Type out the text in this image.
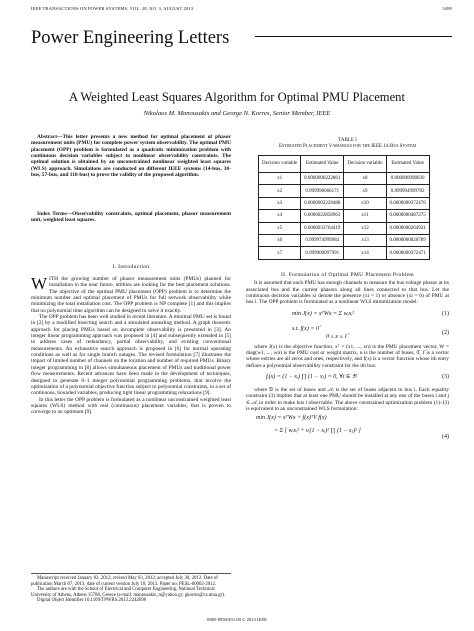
IEEE TRANSACTIONS ON POWER SYSTEMS, VOL. 28, NO. 3, AUGUST 2013	3499
Power Engineering Letters
A Weighted Least Squares Algorithm for Optimal PMU Placement
Nikolaos M. Manousakis and George N. Korres, Senior Member, IEEE

Abstract—This letter presents a new method for optimal placement of phasor measurement units (PMU) for complete power system observability. The optimal PMU placement (OPP) problem is formulated as a quadratic minimization problem with continuous decision variables subject to nonlinear observability constraints. The optimal solution is obtained by an unconstrained nonlinear weighted least squares (WLS) approach. Simulations are conducted on different IEEE systems (14-bus, 30-bus, 57-bus, and 118-bus) to prove the validity of the proposed algorithm.

Index Terms—Observability constraints, optimal placement, phasor measurement unit, weighted least squares.

I. Introduction

WITH the growing number of phasor measurement units (PMUs) planned for installation in the near future, utilities are looking for the best placement solutions. The objective of the optimal PMU placement (OPP) problem is to determine the minimum number and optimal placement of PMUs for full network observability while minimizing the total installation cost. The OPP problem is NP complete [1] and this implies that no polynomial time algorithm can be designed to solve it exactly.

The OPP problem has been well studied in recent literature. A minimal PMU set is found in [2] by a modified bisecting search and a simulated annealing method. A graph theoretic approach for placing PMUs based on incomplete observability is presented in [3]. An integer linear programming approach was proposed in [4] and subsequently extended in [5] to address cases of redundancy, partial observability, and existing conventional measurements. An exhaustive search approach is proposed in [6] for normal operating conditions as well as for single branch outages. The revised formulation [7] illustrates the impact of limited number of channels on the location and number of required PMUs. Binary integer programming in [8] allows simultaneous placement of PMUs and traditional power flow measurements. Recent advances have been made in the development of techniques, designed to generate 0–1 integer polynomial programming problems, that involve the optimization of a polynomial objective function subject to polynomial constraints, in a set of continuous, bounded variables, producing tight linear programming relaxations [9].

In this letter the OPP problem is formulated as a nonlinear unconstrained weighted least squares (WLS) method with real (continuous) placement variables, that is proven to converge to an optimum [9].

Manuscript received January 02, 2012; revised May 03, 2012; accepted July 30, 2012. Date of publication March 07, 2013; date of current version July 18, 2013. Paper no. PESL-00002-2012.

The authors are with the School of Electrical and Computer Engineering, National Technical University of Athens, Athens 15780, Greece (e-mail: manousakis_n@yahoo.gr; gkorres@cs.ntua.gr).

Digital Object Identifier 10.1109/TPWRS.2013.2242698

TABLE I
Estimated Placement Variables for the IEEE 14-Bus System
Decision variable	Estimated Value	Decision variable	Estimated Value
x1	0.0000000222861	x8	0.000000998030
x2	0.999996666171	x9	0.999994999702
x3	0.0000002228488	x10	0.0000000372476
x4	0.0000022858963	x11	0.0000000487275
x5	0.0000033764419	x12	0.0000000264931
x6	0.999974999984	x13	0.0000000020789
x7	0.999900097991	x14	0.0000000372471
II. Formulation of Optimal PMU Placement Problem

It is assumed that each PMU has enough channels to measure the bus voltage phasor at its associated bus and the current phasors along all lines connected to that bus. Let the continuous decision variables xi denote the presence (xi = 1) or absence (xi = 0) of PMU at bus i. The OPP problem is formulated as a nonlinear WLS minimization model:

min J(x) = xᵀWx = Σ wᵢxᵢ²	(1)
s.t. f(x) = 0̂
0 ≤ x ≤ 1̂
(2)

where J(x) is the objective function, xᵀ = (x1, ..., xn) is the PMU placement vector, W = diag(w1, ..., wn) is the PMU cost or weight matrix, n is the number of buses, 0̂, 1̂ is a vector whose entries are all zeros and ones, respectively, and f(x) is a vector function whose ith entry defines a polynomial observability constraint for the ith bus:

fᵢ(x) = (1 − xᵢ) ∏ (1 − xⱼ) = 0, ∀i ∈ 𝔅	(3)

where 𝔅 is the set of buses and 𝒜ᵢ is the set of buses adjacent to bus i. Each equality constraint (3) implies that at least one PMU should be installed at any one of the buses i and j ∈ 𝒜ᵢ in order to make bus i observable. The above constrained optimization problem (1)–(3) is equivalent to an unconstrained WLS formulation:

min J(x) = xᵀWx + f(x)ᵀV f(x)
= Σ [ wᵢxᵢ² + vᵢ(1 − xᵢ)² ∏ (1 − xⱼ)² ]
(4)
0885-8950/$31.00 © 2013 IEEE
